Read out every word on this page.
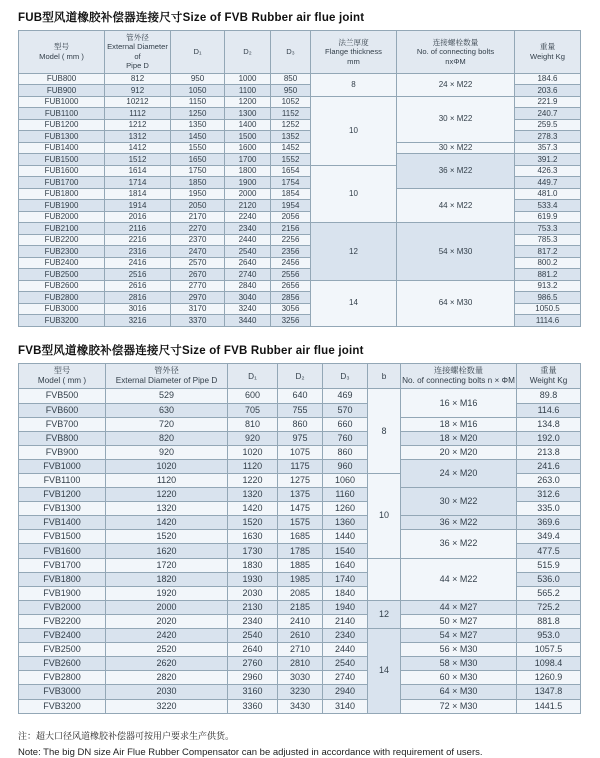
FUB型风道橡胶补偿器连接尺寸Size of FVB Rubber air flue joint
型号
Model ( mm )	管外径
External Diameter of
Pipe D	D₁	D₂	D₃	法兰厚度
Flange thickness
mm	连接螺栓数量
No. of connecting bolts
nxΦM	重量
Weight Kg

FUB800	812	950	1000	850	8	24 × M22	184.6
FUB900	912	1050	1100	950			203.6
FUB1000	10212	1150	1200	1052	10	30 × M22	221.9
FUB1100	1112	1250	1300	1152			240.7
FUB1200	1212	1350	1400	1252			259.5
FUB1300	1312	1450	1500	1352			278.3
FUB1400	1412	1550	1600	1452		30 × M22	357.3
FUB1500	1512	1650	1700	1552		36 × M22	391.2
FUB1600	1614	1750	1800	1654	10		426.3
FUB1700	1714	1850	1900	1754			449.7
FUB1800	1814	1950	2000	1854		44 × M22	481.0
FUB1900	1914	2050	2120	1954			533.4
FUB2000	2016	2170	2240	2056			619.9
FUB2100	2116	2270	2340	2156	12	54 × M30	753.3
FUB2200	2216	2370	2440	2256			785.3
FUB2300	2316	2470	2540	2356			817.2
FUB2400	2416	2570	2640	2456			800.2
FUB2500	2516	2670	2740	2556			881.2
FUB2600	2616	2770	2840	2656	14	64 × M30	913.2
FUB2800	2816	2970	3040	2856			986.5
FUB3000	3016	3170	3240	3056			1050.5
FUB3200	3216	3370	3440	3256			1114.6
FVB型风道橡胶补偿器连接尺寸Size of FVB Rubber air flue joint
型号
Model ( mm )	管外径
External Diameter of Pipe D	D₁	D₂	D₃	b	连接螺栓数量
No. of connecting bolts n × ΦM	重量
Weight Kg

FVB500	529	600	640	469	8	16 × M16	89.8
FVB600	630	705	755	570			114.6
FVB700	720	810	860	660		18 × M16	134.8
FVB800	820	920	975	760		18 × M20	192.0
FVB900	920	1020	1075	860		20 × M20	213.8
FVB1000	1020	1120	1175	960		24 × M20	241.6
FVB1100	1120	1220	1275	1060	10		263.0
FVB1200	1220	1320	1375	1160		30 × M22	312.6
FVB1300	1320	1420	1475	1260			335.0
FVB1400	1420	1520	1575	1360		36 × M22	369.6
FVB1500	1520	1630	1685	1440		36 × M22	349.4
FVB1600	1620	1730	1785	1540			477.5
FVB1700	1720	1830	1885	1640		44 × M22	515.9
FVB1800	1820	1930	1985	1740			536.0
FVB1900	1920	2030	2085	1840			565.2
FVB2000	2000	2130	2185	1940	12	44 × M27	725.2
FVB2200	2020	2340	2410	2140		50 × M27	881.8
FVB2400	2420	2540	2610	2340	14	54 × M27	953.0
FVB2500	2520	2640	2710	2440		56 × M30	1057.5
FVB2600	2620	2760	2810	2540		58 × M30	1098.4
FVB2800	2820	2960	3030	2740		60 × M30	1260.9
FVB3000	2030	3160	3230	2940		64 × M30	1347.8
FVB3200	3220	3360	3430	3140		72 × M30	1441.5
注：超大口径风道橡胶补偿器可按用户要求生产供货。
Note: The big DN size Air Flue Rubber Compensator can be adjusted in accordance with requirement of users.
